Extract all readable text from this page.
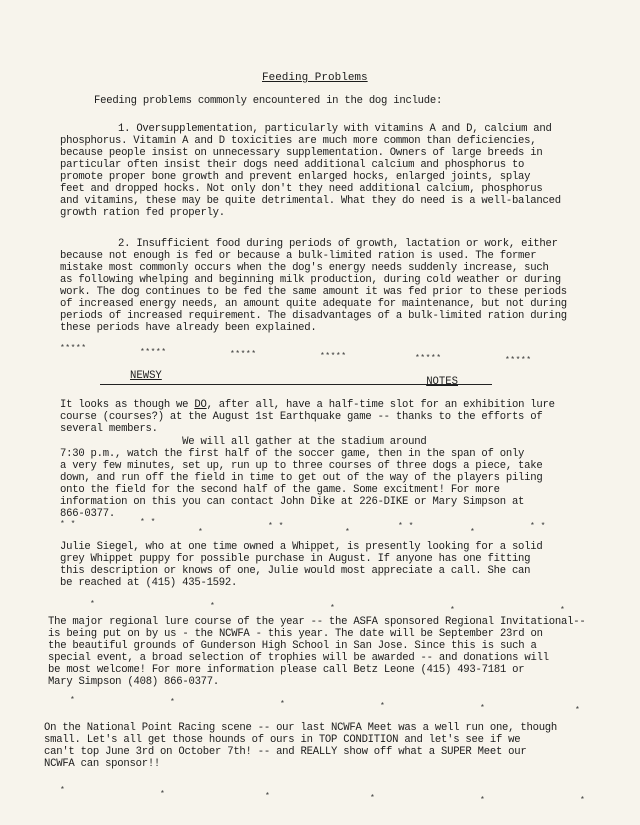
Feeding Problems
Feeding problems commonly encountered in the dog include:
1. Oversupplementation, particularly with vitamins A and D, calcium and
phosphorus. Vitamin A and D toxicities are much more common than deficiencies,
because people insist on unnecessary supplementation. Owners of large breeds in
particular often insist their dogs need additional calcium and phosphorus to
promote proper bone growth and prevent enlarged hocks, enlarged joints, splay
feet and dropped hocks. Not only don't they need additional calcium, phosphorus
and vitamins, these may be quite detrimental. What they do need is a well-balanced
growth ration fed properly.
2. Insufficient food during periods of growth, lactation or work, either
because not enough is fed or because a bulk-limited ration is used. The former
mistake most commonly occurs when the dog's energy needs suddenly increase, such
as following whelping and beginning milk production, during cold weather or during
work. The dog continues to be fed the same amount it was fed prior to these periods
of increased energy needs, an amount quite adequate for maintenance, but not during
periods of increased requirement. The disadvantages of a bulk-limited ration during
these periods have already been explained.
*****	*****	*****	*****	*****	*****
NEWSY	NOTES
It looks as though we DO, after all, have a half-time slot for an exhibition lure
course (courses?) at the August 1st Earthquake game -- thanks to the efforts of
several members.
We will all gather at the stadium around
7:30 p.m., watch the first half of the soccer game, then in the span of only
a very few minutes, set up, run up to three courses of three dogs a piece, take
down, and run off the field in time to get out of the way of the players piling
onto the field for the second half of the game. Some excitment! For more
information on this you can contact John Dike at 226-DIKE or Mary Simpson at
866-0377.
* *	* *
*
* *
*
* *
*
* *
Julie Siegel, who at one time owned a Whippet, is presently looking for a solid
grey Whippet puppy for possible purchase in August. If anyone has one fitting
this description or knows of one, Julie would most appreciate a call. She can
be reached at (415) 435-1592.
*	*	*	*	*
The major regional lure course of the year -- the ASFA sponsored Regional Invitational--
is being put on by us - the NCWFA - this year. The date will be September 23rd on
the beautiful grounds of Gunderson High School in San Jose. Since this is such a
special event, a broad selection of trophies will be awarded -- and donations will
be most welcome! For more information please call Betz Leone (415) 493-7181 or
Mary Simpson (408) 866-0377.
*	*	*	*	*	*
On the National Point Racing scene -- our last NCWFA Meet was a well run one, though
small. Let's all get those hounds of ours in TOP CONDITION and let's see if we
can't top June 3rd on October 7th! -- and REALLY show off what a SUPER Meet our
NCWFA can sponsor!!
*	*	*	*	*	*
